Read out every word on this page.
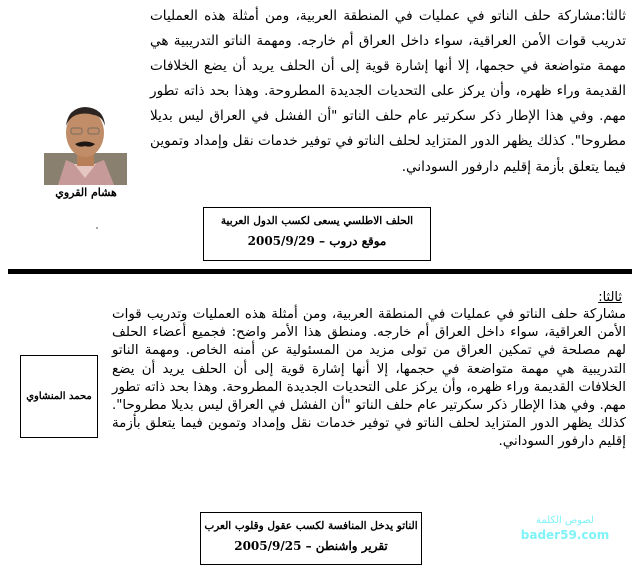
ثالثا:مشاركة حلف الناتو في عمليات في المنطقة العربية، ومن أمثلة هذه العمليات تدريب قوات الأمن العراقية، سواء داخل العراق أم خارجه. ومهمة الناتو التدريبية هي مهمة متواضعة في حجمها، إلا أنها إشارة قوية إلى أن الحلف يريد أن يضع الخلافات القديمة وراء ظهره، وأن يركز على التحديات الجديدة المطروحة. وهذا بحد ذاته تطور مهم. وفي هذا الإطار ذكر سكرتير عام حلف الناتو "أن الفشل في العراق ليس بديلا مطروحا". كذلك يظهر الدور المتزايد لحلف الناتو في توفير خدمات نقل وإمداد وتموين فيما يتعلق بأزمة إقليم دارفور السوداني.
هشام القروي
الحلف الاطلسي يسعى لكسب الدول العربية
موقع دروب – 2005/9/29
ثالثا:
مشاركة حلف الناتو في عمليات في المنطقة العربية، ومن أمثلة هذه العمليات وتدريب قوات الأمن العراقية، سواء داخل العراق أم خارجه. ومنطق هذا الأمر واضح: فجميع أعضاء الحلف لهم مصلحة في تمكين العراق من تولى مزيد من المسئولية عن أمنه الخاص. ومهمة الناتو التدريبية هي مهمة متواضعة في حجمها، إلا أنها إشارة قوية إلى أن الحلف يريد أن يضع الخلافات القديمة وراء ظهره، وأن يركز على التحديات الجديدة المطروحة. وهذا بحد ذاته تطور مهم. وفي هذا الإطار ذكر سكرتير عام حلف الناتو "أن الفشل في العراق ليس بديلا مطروحا". كذلك يظهر الدور المتزايد لحلف الناتو في توفير خدمات نقل وإمداد وتموين فيما يتعلق بأزمة إقليم دارفور السوداني.
محمد المنشاوي
الناتو يدخل المنافسة لكسب عقول وقلوب العرب
تقرير واشنطن – 2005/9/25
لصوص الكلمة
bader59.com
